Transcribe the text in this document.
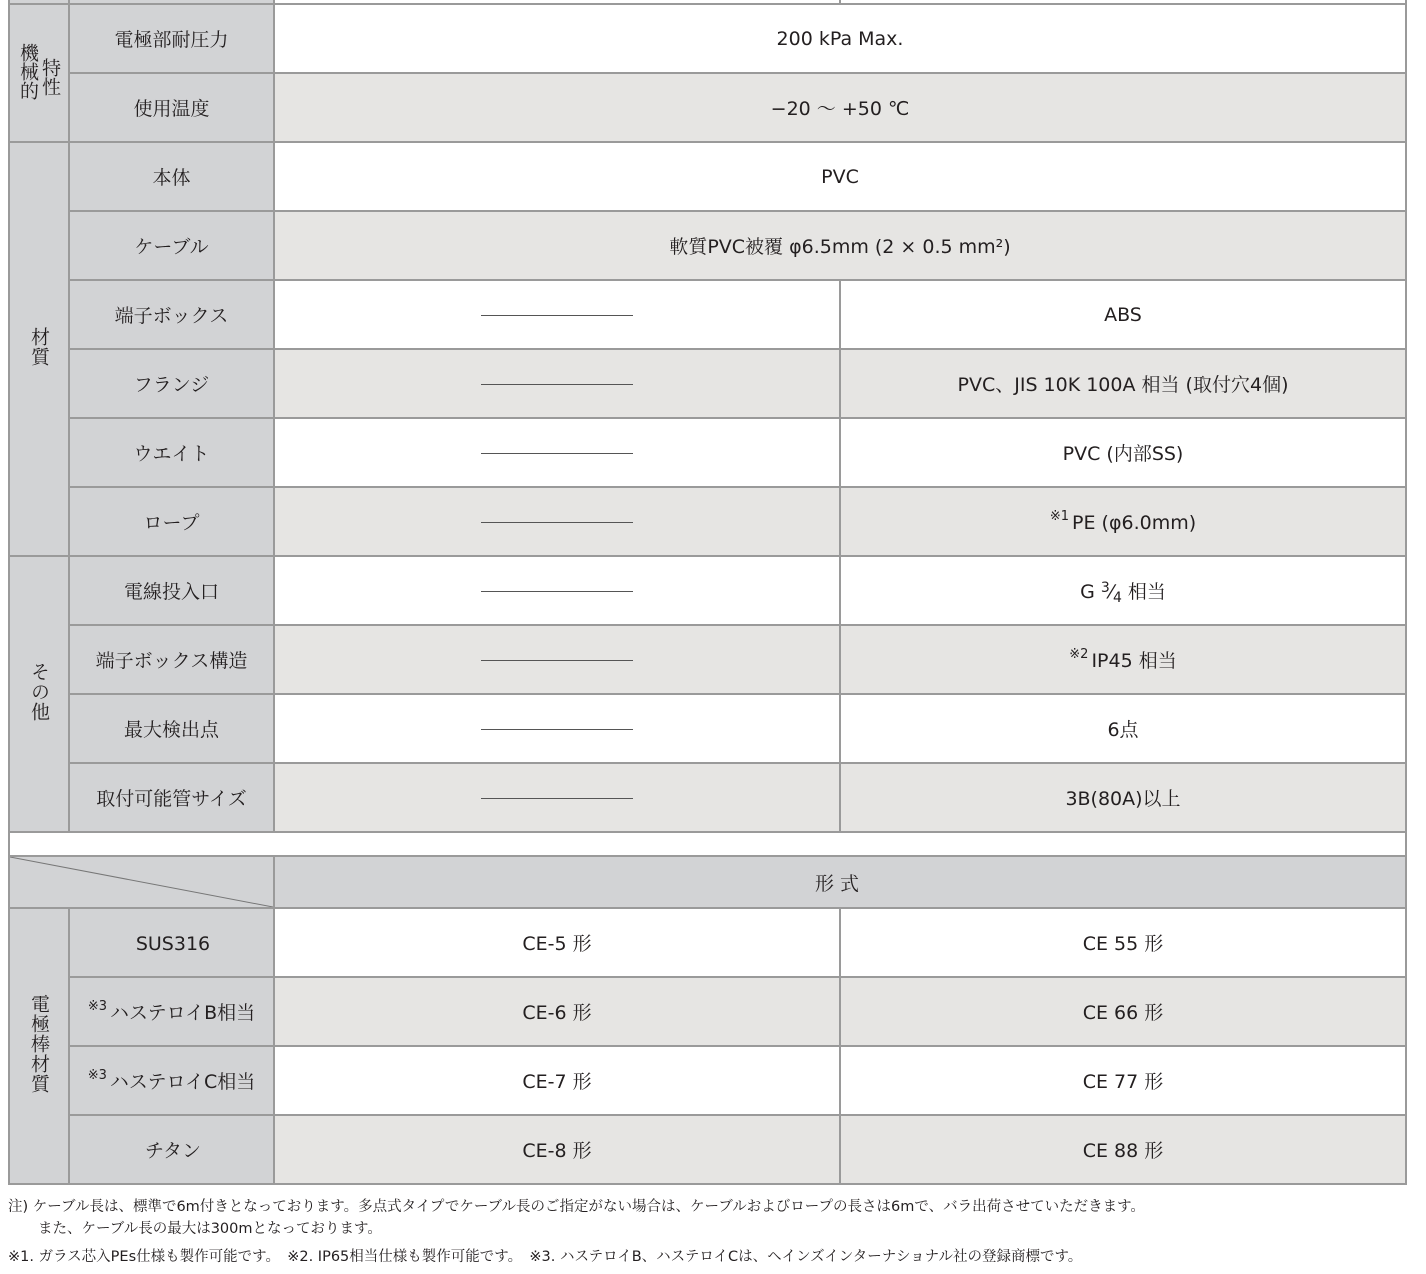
特性
機械的	電極部耐圧力	200 kPa Max.	
	使用温度	−20 〜 +50 ℃	
材質	本体	PVC	
	ケーブル	軟質PVC被覆 φ6.5mm (2 × 0.5 mm²)	
	端子ボックス		ABS
	フランジ		PVC、JIS 10K 100A 相当 (取付穴4個)
	ウエイト		PVC (内部SS)
	ロープ		$^{※1}$ PE (φ6.0mm)
その他	電線投入口		G 3⁄4 相当
	端子ボックス構造		$^{※2}$ IP45 相当
	最大検出点		6点
	取付可能管サイズ		3B(80A)以上

	形式	
電極棒材質	SUS316	CE-5 形	CE 55 形
	$^{※3}$ ハステロイB相当	CE-6 形	CE 66 形
	$^{※3}$ ハステロイC相当	CE-7 形	CE 77 形
	チタン	CE-8 形	CE 88 形

注) ケーブル長は、標準で6m付きとなっております。多点式タイプでケーブル長のご指定がない場合は、ケーブルおよびロープの長さは6mで、バラ出荷させていただきます。

また、ケーブル長の最大は300mとなっております。

※1. ガラス芯入PEs仕様も製作可能です。　※2. IP65相当仕様も製作可能です。　※3. ハステロイB、ハステロイCは、ヘインズインターナショナル社の登録商標です。
